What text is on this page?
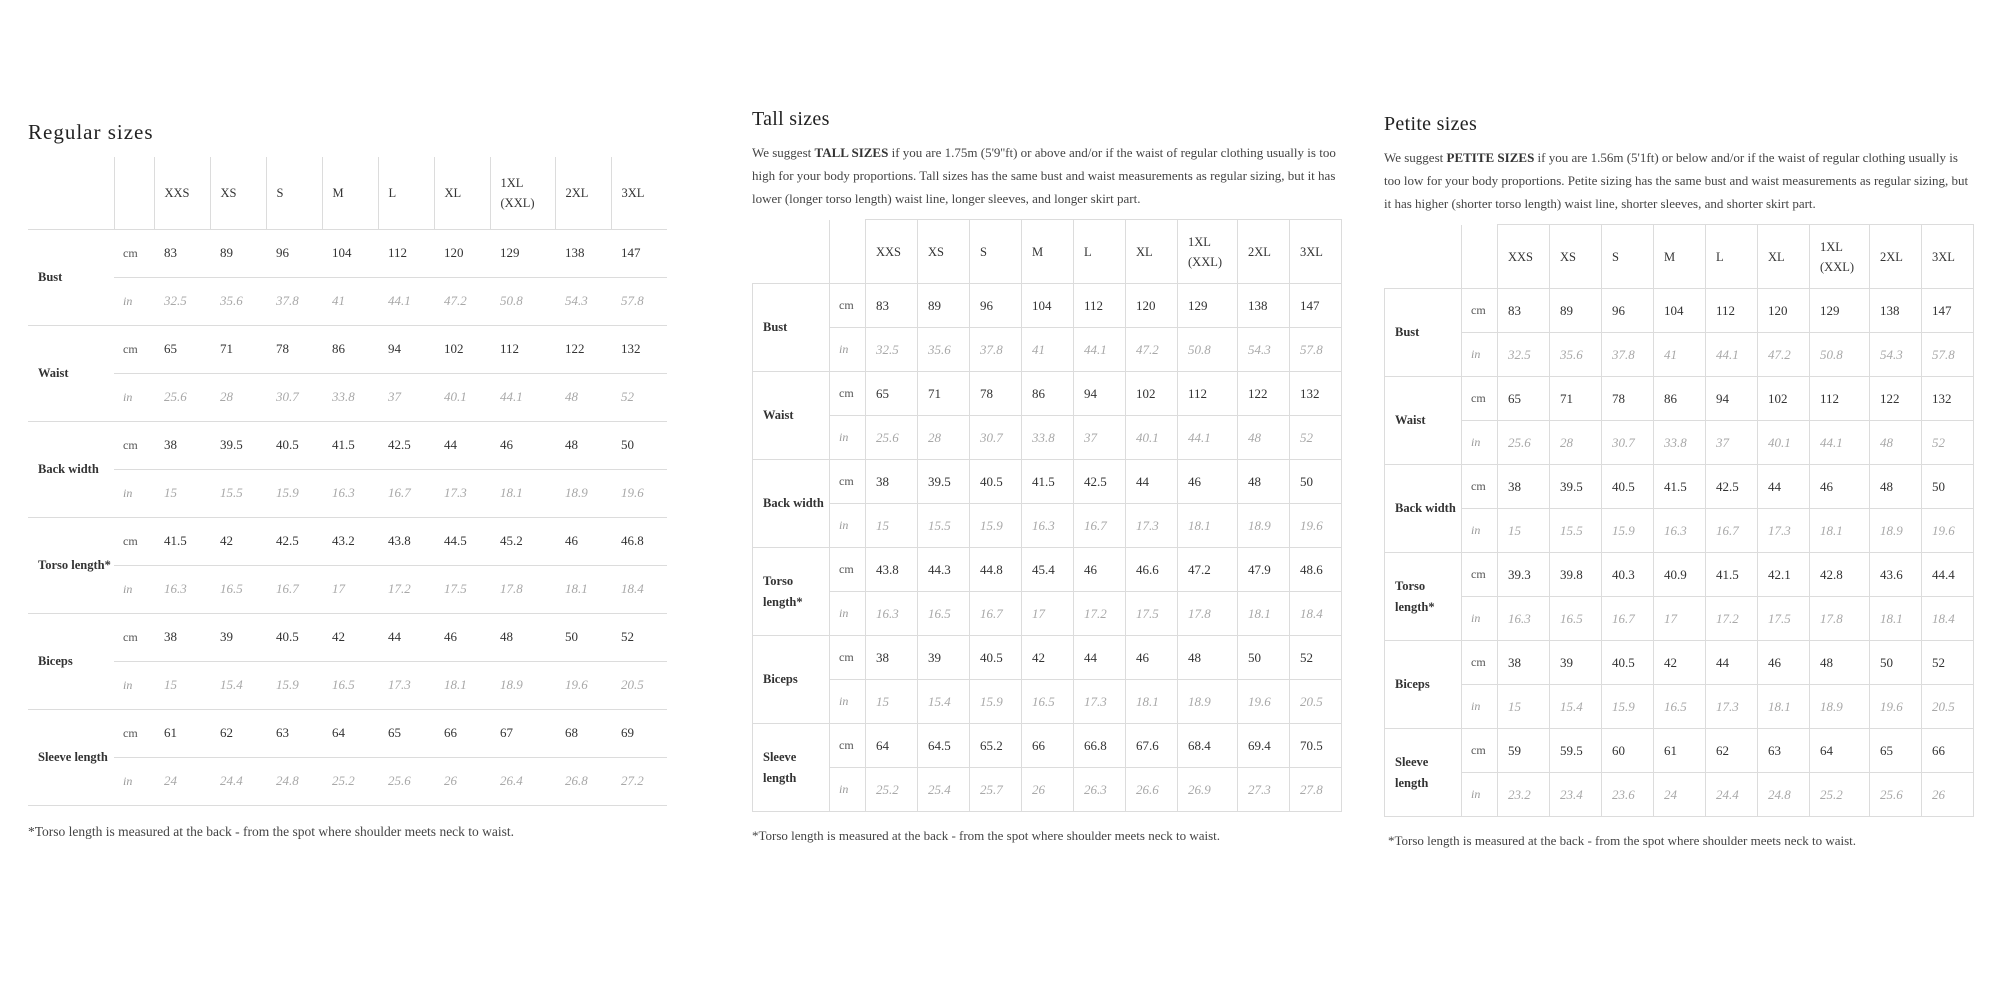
Regular sizes
		XXS	XS	S	M	L	XL	1XL (XXL)	2XL	3XL
Bust	cm	83	89	96	104	112	120	129	138	147
	in	32.5	35.6	37.8	41	44.1	47.2	50.8	54.3	57.8
Waist	cm	65	71	78	86	94	102	112	122	132
	in	25.6	28	30.7	33.8	37	40.1	44.1	48	52
Back width	cm	38	39.5	40.5	41.5	42.5	44	46	48	50
	in	15	15.5	15.9	16.3	16.7	17.3	18.1	18.9	19.6
Torso length*	cm	41.5	42	42.5	43.2	43.8	44.5	45.2	46	46.8
	in	16.3	16.5	16.7	17	17.2	17.5	17.8	18.1	18.4
Biceps	cm	38	39	40.5	42	44	46	48	50	52
	in	15	15.4	15.9	16.5	17.3	18.1	18.9	19.6	20.5
Sleeve length	cm	61	62	63	64	65	66	67	68	69
	in	24	24.4	24.8	25.2	25.6	26	26.4	26.8	27.2

*Torso length is measured at the back - from the spot where shoulder meets neck to waist.

Tall sizes

We suggest TALL SIZES if you are 1.75m (5'9''ft) or above and/or if the waist of regular clothing usually is too high for your body proportions. Tall sizes has the same bust and waist measurements as regular sizing, but it has lower (longer torso length) waist line, longer sleeves, and longer skirt part.

		XXS	XS	S	M	L	XL	1XL (XXL)	2XL	3XL
Bust	cm	83	89	96	104	112	120	129	138	147
	in	32.5	35.6	37.8	41	44.1	47.2	50.8	54.3	57.8
Waist	cm	65	71	78	86	94	102	112	122	132
	in	25.6	28	30.7	33.8	37	40.1	44.1	48	52
Back width	cm	38	39.5	40.5	41.5	42.5	44	46	48	50
	in	15	15.5	15.9	16.3	16.7	17.3	18.1	18.9	19.6
Torso length*	cm	43.8	44.3	44.8	45.4	46	46.6	47.2	47.9	48.6
	in	16.3	16.5	16.7	17	17.2	17.5	17.8	18.1	18.4
Biceps	cm	38	39	40.5	42	44	46	48	50	52
	in	15	15.4	15.9	16.5	17.3	18.1	18.9	19.6	20.5
Sleeve length	cm	64	64.5	65.2	66	66.8	67.6	68.4	69.4	70.5
	in	25.2	25.4	25.7	26	26.3	26.6	26.9	27.3	27.8

*Torso length is measured at the back - from the spot where shoulder meets neck to waist.

Petite sizes

We suggest PETITE SIZES if you are 1.56m (5'1ft) or below and/or if the waist of regular clothing usually is too low for your body proportions. Petite sizing has the same bust and waist measurements as regular sizing, but it has higher (shorter torso length) waist line, shorter sleeves, and shorter skirt part.

		XXS	XS	S	M	L	XL	1XL (XXL)	2XL	3XL
Bust	cm	83	89	96	104	112	120	129	138	147
	in	32.5	35.6	37.8	41	44.1	47.2	50.8	54.3	57.8
Waist	cm	65	71	78	86	94	102	112	122	132
	in	25.6	28	30.7	33.8	37	40.1	44.1	48	52
Back width	cm	38	39.5	40.5	41.5	42.5	44	46	48	50
	in	15	15.5	15.9	16.3	16.7	17.3	18.1	18.9	19.6
Torso length*	cm	39.3	39.8	40.3	40.9	41.5	42.1	42.8	43.6	44.4
	in	16.3	16.5	16.7	17	17.2	17.5	17.8	18.1	18.4
Biceps	cm	38	39	40.5	42	44	46	48	50	52
	in	15	15.4	15.9	16.5	17.3	18.1	18.9	19.6	20.5
Sleeve length	cm	59	59.5	60	61	62	63	64	65	66
	in	23.2	23.4	23.6	24	24.4	24.8	25.2	25.6	26

*Torso length is measured at the back - from the spot where shoulder meets neck to waist.
